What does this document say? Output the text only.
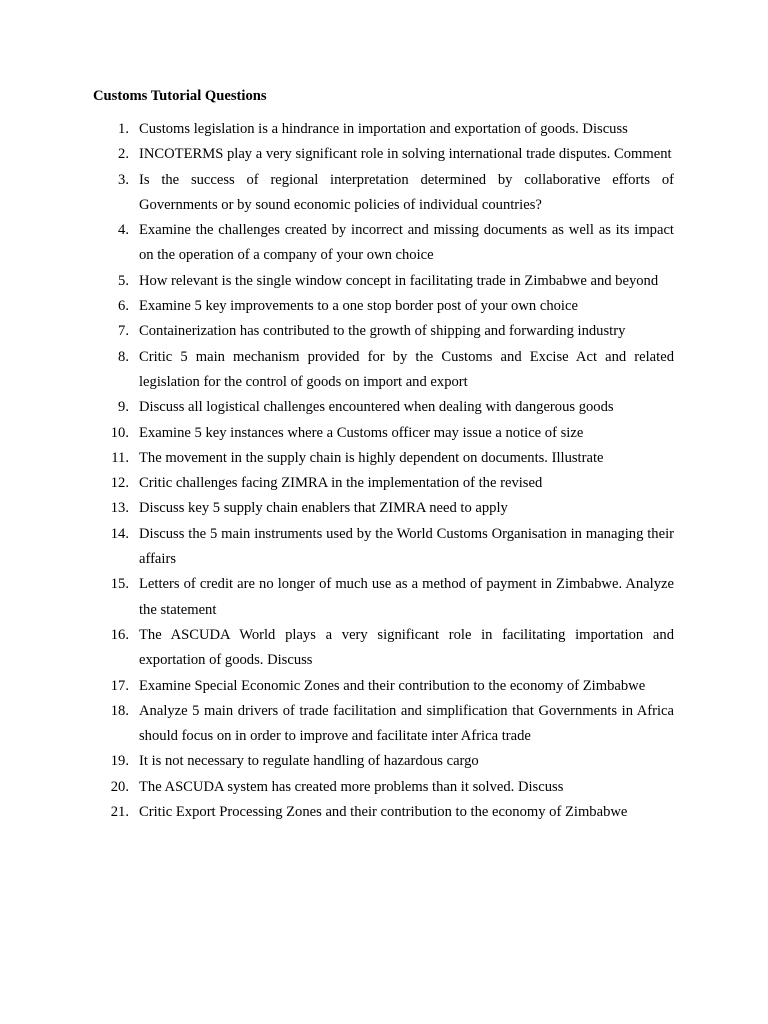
Customs Tutorial Questions
1. Customs legislation is a hindrance in importation and exportation of goods. Discuss
2. INCOTERMS play a very significant role in solving international trade disputes. Comment
3. Is the success of regional interpretation determined by collaborative efforts of Governments or by sound economic policies of individual countries?
4. Examine the challenges created by incorrect and missing documents as well as its impact on the operation of a company of your own choice
5. How relevant is the single window concept in facilitating trade in Zimbabwe and beyond
6. Examine 5 key improvements to a one stop border post of your own choice
7. Containerization has contributed to the growth of shipping and forwarding industry
8. Critic 5 main mechanism provided for by the Customs and Excise Act and related legislation for the control of goods on import and export
9. Discuss all logistical challenges encountered when dealing with dangerous goods
10. Examine 5 key instances where a Customs officer may issue a notice of size
11. The movement in the supply chain is highly dependent on documents. Illustrate
12. Critic challenges facing ZIMRA in the implementation of the revised
13. Discuss key 5 supply chain enablers that ZIMRA need to apply
14. Discuss the 5 main instruments used by the World Customs Organisation in managing their affairs
15. Letters of credit are no longer of much use as a method of payment in Zimbabwe. Analyze the statement
16. The ASCUDA World plays a very significant role in facilitating importation and exportation of goods. Discuss
17. Examine Special Economic Zones and their contribution to the economy of Zimbabwe
18. Analyze 5 main drivers of trade facilitation and simplification that Governments in Africa should focus on in order to improve and facilitate inter Africa trade
19. It is not necessary to regulate handling of hazardous cargo
20. The ASCUDA system has created more problems than it solved. Discuss
21. Critic Export Processing Zones and their contribution to the economy of Zimbabwe
